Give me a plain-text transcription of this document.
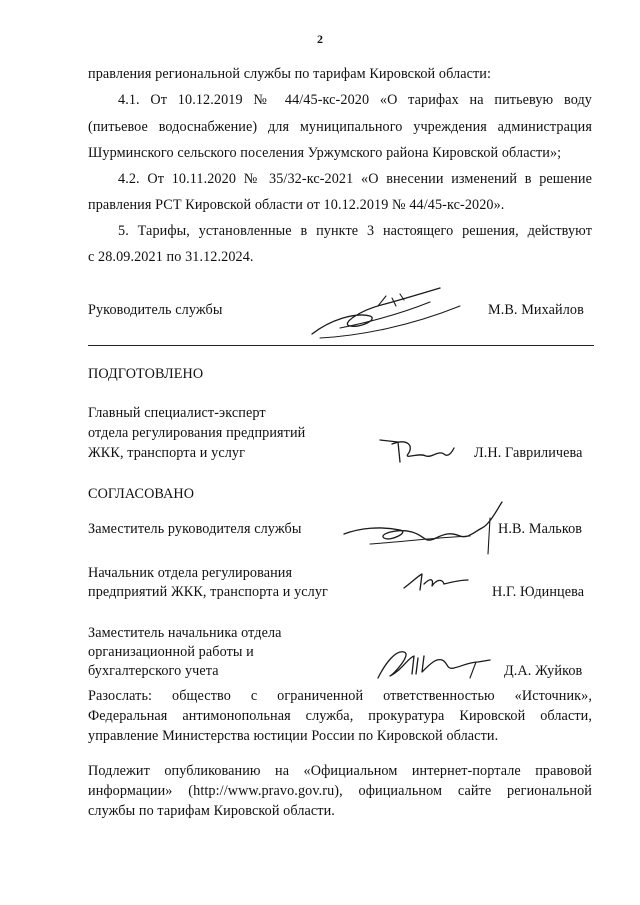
2
правления региональной службы по тарифам Кировской области:
4.1. От 10.12.2019 № 44/45-кс-2020 «О тарифах на питьевую воду
(питьевое водоснабжение) для муниципального учреждения администрация
Шурминского сельского поселения Уржумского района Кировской области»;
4.2. От 10.11.2020 № 35/32-кс-2021 «О внесении изменений в решение
правления РСТ Кировской области от 10.12.2019 № 44/45-кс-2020».
5. Тарифы, установленные в пункте 3 настоящего решения, действуют
с 28.09.2021 по 31.12.2024.
Руководитель службы	М.В. Михайлов
ПОДГОТОВЛЕНО
Главный специалист-эксперт
отдела регулирования предприятий
ЖКК, транспорта и услуг	Л.Н. Гавриличева
СОГЛАСОВАНО
Заместитель руководителя службы	Н.В. Мальков
Начальник отдела регулирования
предприятий ЖКК, транспорта и услуг	Н.Г. Юдинцева
Заместитель начальника отдела
организационной работы и
бухгалтерского учета	Д.А. Жуйков
Разослать: общество с ограниченной ответственностью «Источник»,
Федеральная антимонопольная служба, прокуратура Кировской области,
управление Министерства юстиции России по Кировской области.
Подлежит опубликованию на «Официальном интернет-портале правовой
информации» (http://www.pravo.gov.ru), официальном сайте региональной
службы по тарифам Кировской области.
